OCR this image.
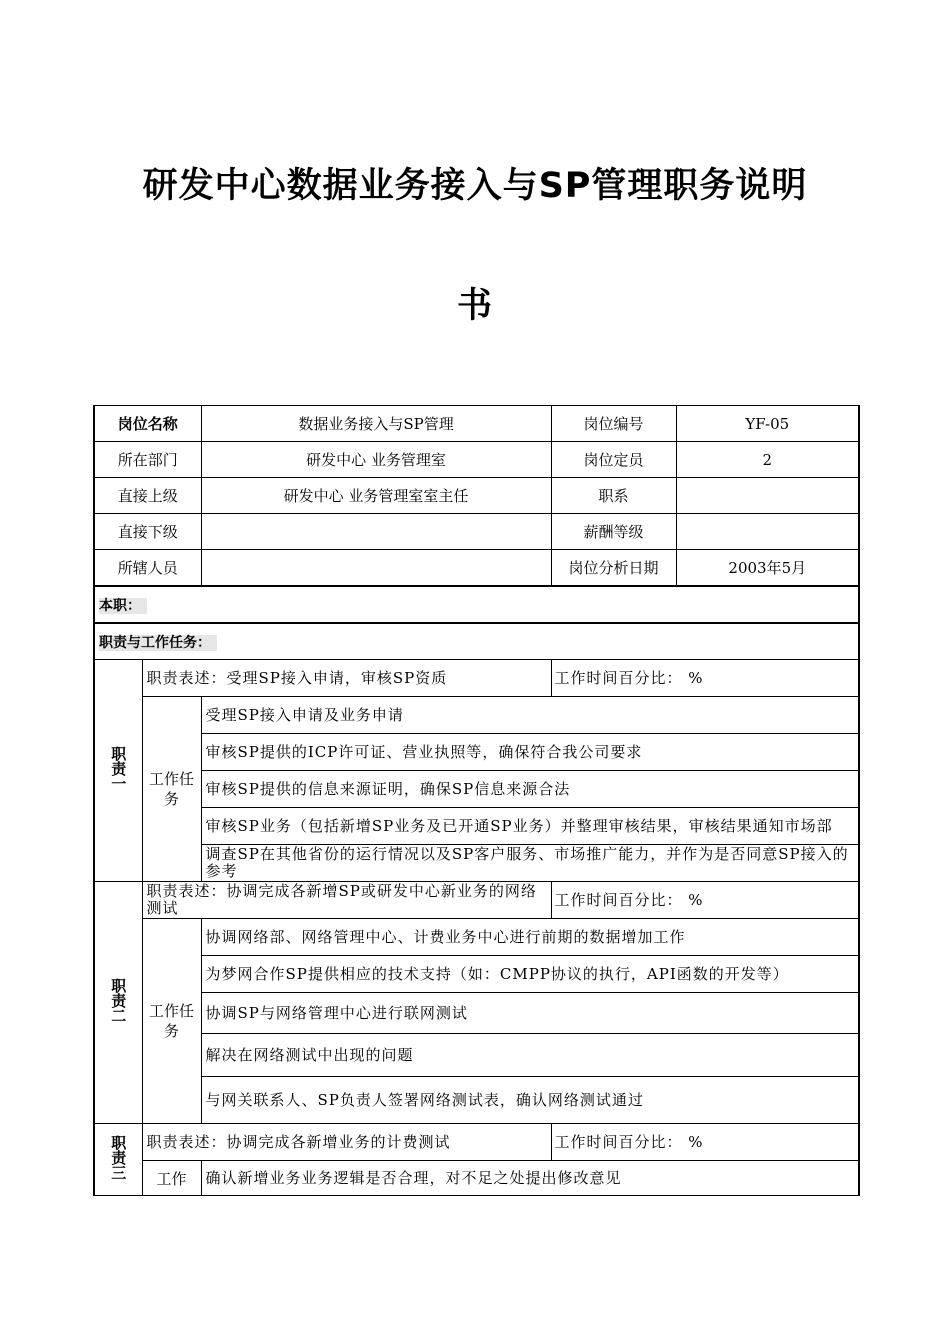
研发中心数据业务接入与SP管理职务说明
书
岗位名称		数据业务接入与SP管理	岗位编号	YF-05
所在部门		研发中心 业务管理室	岗位定员	2
直接上级		研发中心 业务管理室室主任	职系	
直接下级			薪酬等级	
所辖人员			岗位分析日期	2003年5月
本职：				
职责与工作任务：				
职责一	职责表述：受理SP接入申请，审核SP资质		工作时间百分比： %	
	工作任务	受理SP接入申请及业务申请		
		审核SP提供的ICP许可证、营业执照等，确保符合我公司要求		
		审核SP提供的信息来源证明，确保SP信息来源合法		
		审核SP业务（包括新增SP业务及已开通SP业务）并整理审核结果，审核结果通知市场部		
		调查SP在其他省份的运行情况以及SP客户服务、市场推广能力，并作为是否同意SP接入的参考		
职责二	职责表述：协调完成各新增SP或研发中心新业务的网络测试		工作时间百分比： %	
	工作任务	协调网络部、网络管理中心、计费业务中心进行前期的数据增加工作		
		为梦网合作SP提供相应的技术支持（如：CMPP协议的执行，API函数的开发等）		
		协调SP与网络管理中心进行联网测试		
		解决在网络测试中出现的问题		
		与网关联系人、SP负责人签署网络测试表，确认网络测试通过		
职责三	职责表述：协调完成各新增业务的计费测试		工作时间百分比： %	
	工作	确认新增业务业务逻辑是否合理，对不足之处提出修改意见		
